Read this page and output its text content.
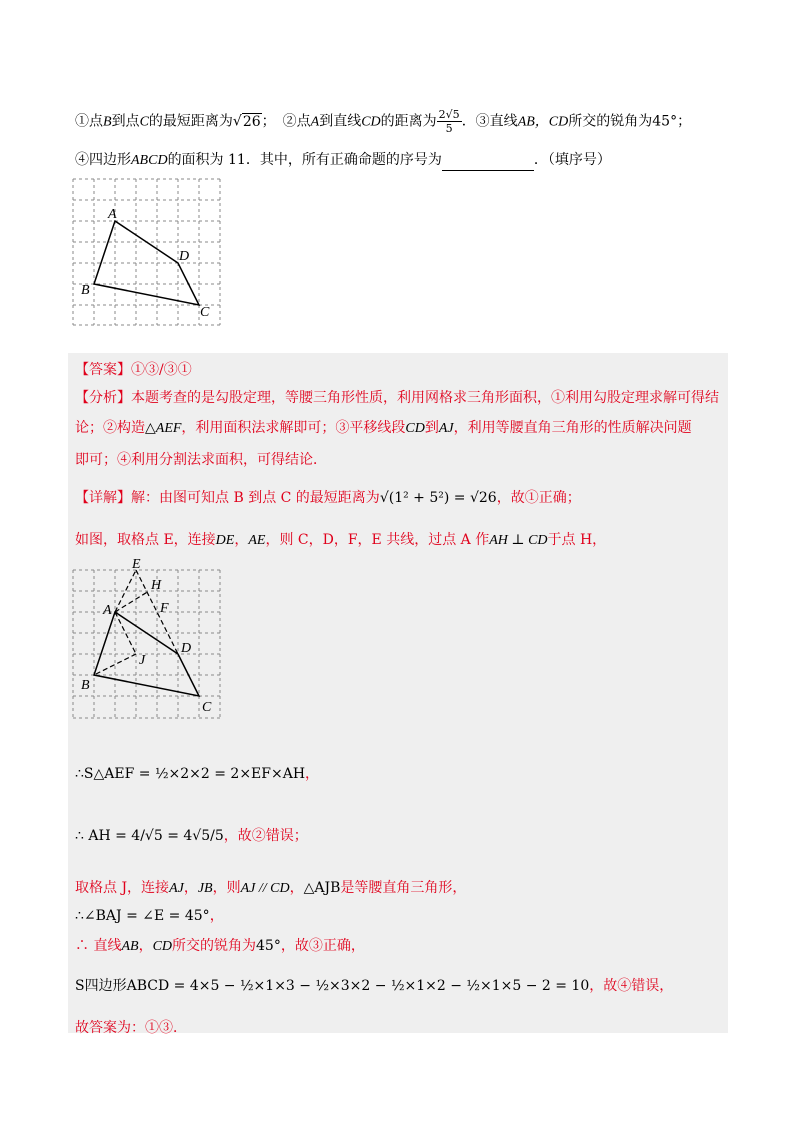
①点B到点C的最短距离为√26；　②点A到直线CD的距离为 $\frac{2√5}{5}$ ．③直线AB，CD所交的锐角为45°；
④四边形ABCD的面积为 11．其中，所有正确命题的序号为	．（填序号）
A
B
C
D
【答案】①③/③①
【分析】本题考查的是勾股定理，等腰三角形性质，利用网格求三角形面积，①利用勾股定理求解可得结
论；②构造△AEF，利用面积法求解即可；③平移线段CD到AJ，利用等腰直角三角形的性质解决问题
即可；④利用分割法求面积，可得结论．
【详解】解：由图可知点 B 到点 C 的最短距离为√(1² + 5²) = √26，故①正确；
如图，取格点 E，连接DE，AE，则 C，D，F，E 共线，过点 A 作AH ⊥ CD于点 H，
E
H
F
A
J
D
B
C
∴S△AEF = ½×2×2 = 2×EF×AH，
∴ AH = 4/√5 = 4√5/5，故②错误；
取格点 J，连接AJ，JB，则AJ // CD，△AJB是等腰直角三角形，
∴∠BAJ = ∠E = 45°，
∴ 直线AB，CD所交的锐角为45°，故③正确，
S四边形ABCD = 4×5 − ½×1×3 − ½×3×2 − ½×1×2 − ½×1×5 − 2 = 10，故④错误，
故答案为：①③．
